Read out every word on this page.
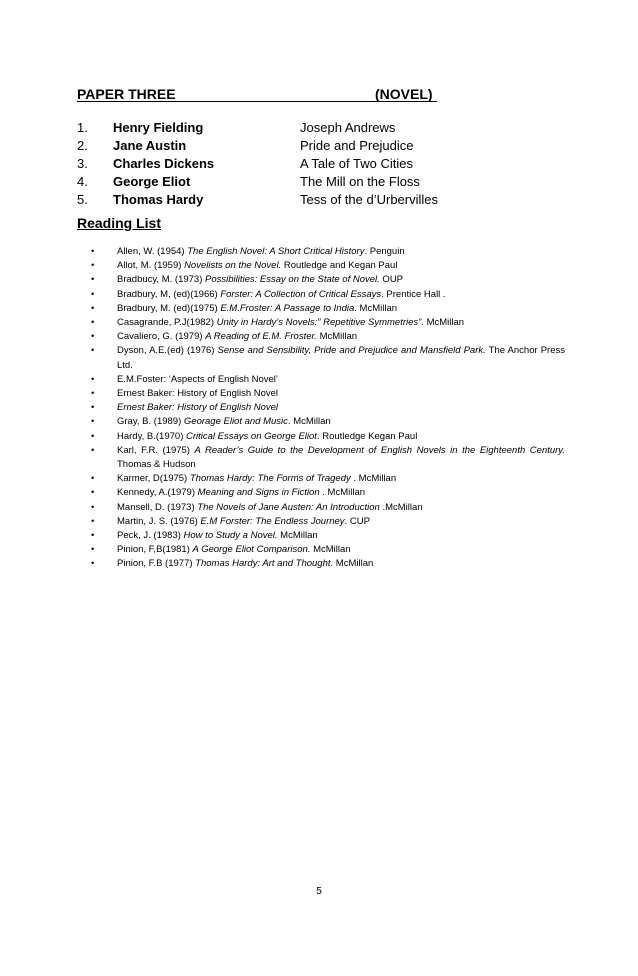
PAPER THREE	(NOVEL)
1. Henry Fielding	Joseph Andrews
2. Jane Austin	Pride and Prejudice
3. Charles Dickens	A Tale of Two Cities
4. George Eliot	The Mill on the Floss
5. Thomas Hardy	Tess of the d’Urbervilles
Reading List
• Allen, W. (1954) The English Novel: A Short Critical History. Penguin
• Allot, M. (1959) Novelists on the Novel. Routledge and Kegan Paul
• Bradbucy, M. (1973) Possibilities: Essay on the State of Novel. OUP
• Bradbury, M, (ed)(1966) Forster: A Collection of Critical Essays. Prentice Hall .
• Bradbury, M. (ed)(1975) E.M.Froster: A Passage to India. McMillan
• Casagrande, P.J(1982) Unity in Hardy’s Novels:” Repetitive Symmetries”. McMillan
• Cavaliero, G. (1979) A Reading of E.M. Froster. McMillan
• Dyson, A.E.(ed) (1976) Sense and Sensibility, Pride and Prejudice and Mansfield Park. The Anchor Press Ltd.
• E.M.Foster: ‘Aspects of English Novel’
• Ernest Baker: History of English Novel
• Ernest Baker: History of English Novel
• Gray, B. (1989) Georage Eliot and Music. McMillan
• Hardy, B.(1970) Critical Essays on George Eliot. Routledge Kegan Paul
• Karl, F.R. (1975) A Reader’s Guide to the Development of English Novels in the Eighteenth Century. Thomas & Hudson
• Karmer, D(1975) Thomas Hardy: The Forms of Tragedy . McMillan
• Kennedy, A.(1979) Meaning and Signs in Fiction . McMillan
• Mansell, D. (1973) The Novels of Jane Austen: An Introduction .McMillan
• Martin, J. S. (1976) E.M Forster: The Endless Journey. CUP
• Peck, J. (1983) How to Study a Novel. McMillan
• Pinion, F,B(1981) A George Eliot Comparison. McMillan
• Pinion, F.B (1977) Thomas Hardy: Art and Thought. McMillan
5
